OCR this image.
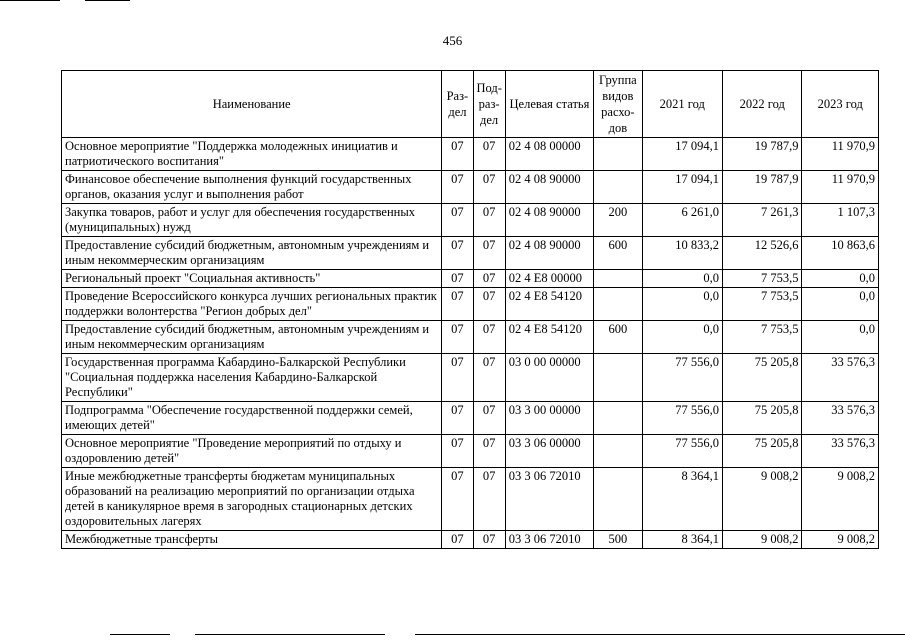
456
Наименование	Раз-дел	Под-раз-дел	Целевая статья	Группа видов расхо-дов	2021 год	2022 год	2023 год
Основное мероприятие "Поддержка молодежных инициатив и патриотического воспитания"	07	07	02 4 08 00000		17 094,1	19 787,9	11 970,9
Финансовое обеспечение выполнения функций государственных органов, оказания услуг и выполнения работ	07	07	02 4 08 90000		17 094,1	19 787,9	11 970,9
Закупка товаров, работ и услуг для обеспечения государственных (муниципальных) нужд	07	07	02 4 08 90000	200	6 261,0	7 261,3	1 107,3
Предоставление субсидий бюджетным, автономным учреждениям и иным некоммерческим организациям	07	07	02 4 08 90000	600	10 833,2	12 526,6	10 863,6
Региональный проект "Социальная активность"	07	07	02 4 E8 00000		0,0	7 753,5	0,0
Проведение Всероссийского конкурса лучших региональных практик поддержки волонтерства "Регион добрых дел"	07	07	02 4 E8 54120		0,0	7 753,5	0,0
Предоставление субсидий бюджетным, автономным учреждениям и иным некоммерческим организациям	07	07	02 4 E8 54120	600	0,0	7 753,5	0,0
Государственная программа Кабардино-Балкарской Республики "Социальная поддержка населения Кабардино-Балкарской Республики"	07	07	03 0 00 00000		77 556,0	75 205,8	33 576,3
Подпрограмма "Обеспечение государственной поддержки семей, имеющих детей"	07	07	03 3 00 00000		77 556,0	75 205,8	33 576,3
Основное мероприятие "Проведение мероприятий по отдыху и оздоровлению детей"	07	07	03 3 06 00000		77 556,0	75 205,8	33 576,3
Иные межбюджетные трансферты бюджетам муниципальных образований на реализацию мероприятий по организации отдыха детей в каникулярное время в загородных стационарных детских оздоровительных лагерях	07	07	03 3 06 72010		8 364,1	9 008,2	9 008,2
Межбюджетные трансферты	07	07	03 3 06 72010	500	8 364,1	9 008,2	9 008,2
